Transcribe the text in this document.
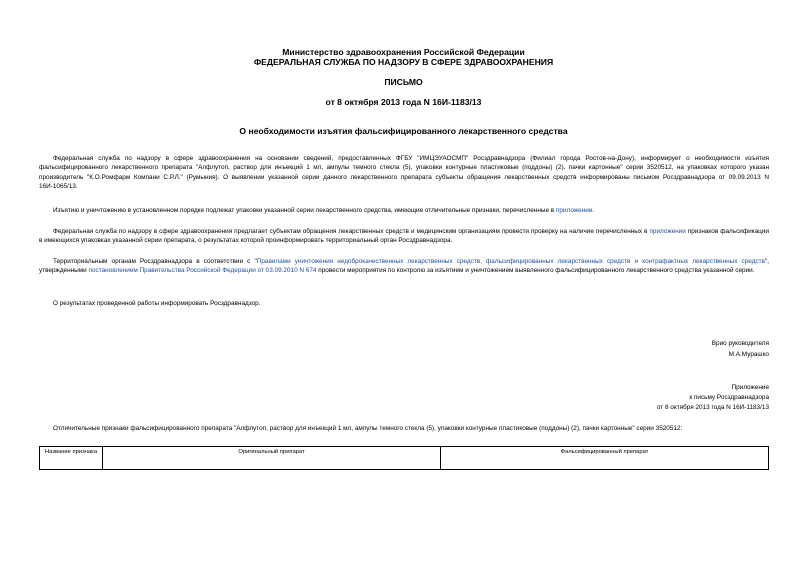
Министерство здравоохранения Российской Федерации
ФЕДЕРАЛЬНАЯ СЛУЖБА ПО НАДЗОРУ В СФЕРЕ ЗДРАВООХРАНЕНИЯ
ПИСЬМО
от 8 октября 2013 года N 16И-1183/13
О необходимости изъятия фальсифицированного лекарственного средства
Федеральная служба по надзору в сфере здравоохранения на основании сведений, предоставленных ФГБУ "ИМЦЭУАОСМП" Росздравнадзора (Филиал города Ростов-на-Дону), информирует о необходимости изъятия фальсифицированного лекарственного препарата "Алфлутоп, раствор для инъекций 1 мл, ампулы темного стекла (5), упаковки контурные пластиковые (поддоны) (2), пачки картонные" серии 3520512, на упаковках которого указан производитель "К.О.Ромфарм Компани С.Р.Л." (Румыния). О выявлении указанной серии данного лекарственного препарата субъекты обращения лекарственных средств информированы письмом Росздравнадзора от 09.09.2013 N 16И-1065/13.
Изъятию и уничтожению в установленном порядке подлежат упаковки указанной серии лекарственного средства, имеющие отличительные признаки, перечисленные в приложении.
Федеральная служба по надзору в сфере здравоохранения предлагает субъектам обращения лекарственных средств и медицинским организациям провести проверку на наличие перечисленных в приложении признаков фальсификации в имеющихся упаковках указанной серии препарата, о результатах которой проинформировать территориальный орган Росздравнадзора.
Территориальным органам Росздравнадзора в соответствии с "Правилами уничтожения недоброкачественных лекарственных средств, фальсифицированных лекарственных средств и контрафактных лекарственных средств", утвержденными постановлением Правительства Российской Федерации от 03.09.2010 N 674 провести мероприятия по контролю за изъятием и уничтожением выявленного фальсифицированного лекарственного средства указанной серии.
О результатах проведенной работы информировать Росздравнадзор.
Врио руководителя
М.А.Мурашко
Приложение
к письму Росздравнадзора
от 8 октября 2013 года N 16И-1183/13
Отличительные признаки фальсифицированного препарата "Алфлутоп, раствор для инъекций 1 мл, ампулы темного стекла (5), упаковки контурные пластиковые (поддоны) (2), пачки картонные" серии 3520512:
Название признака	Оригинальный препарат	Фальсифицированный препарат
